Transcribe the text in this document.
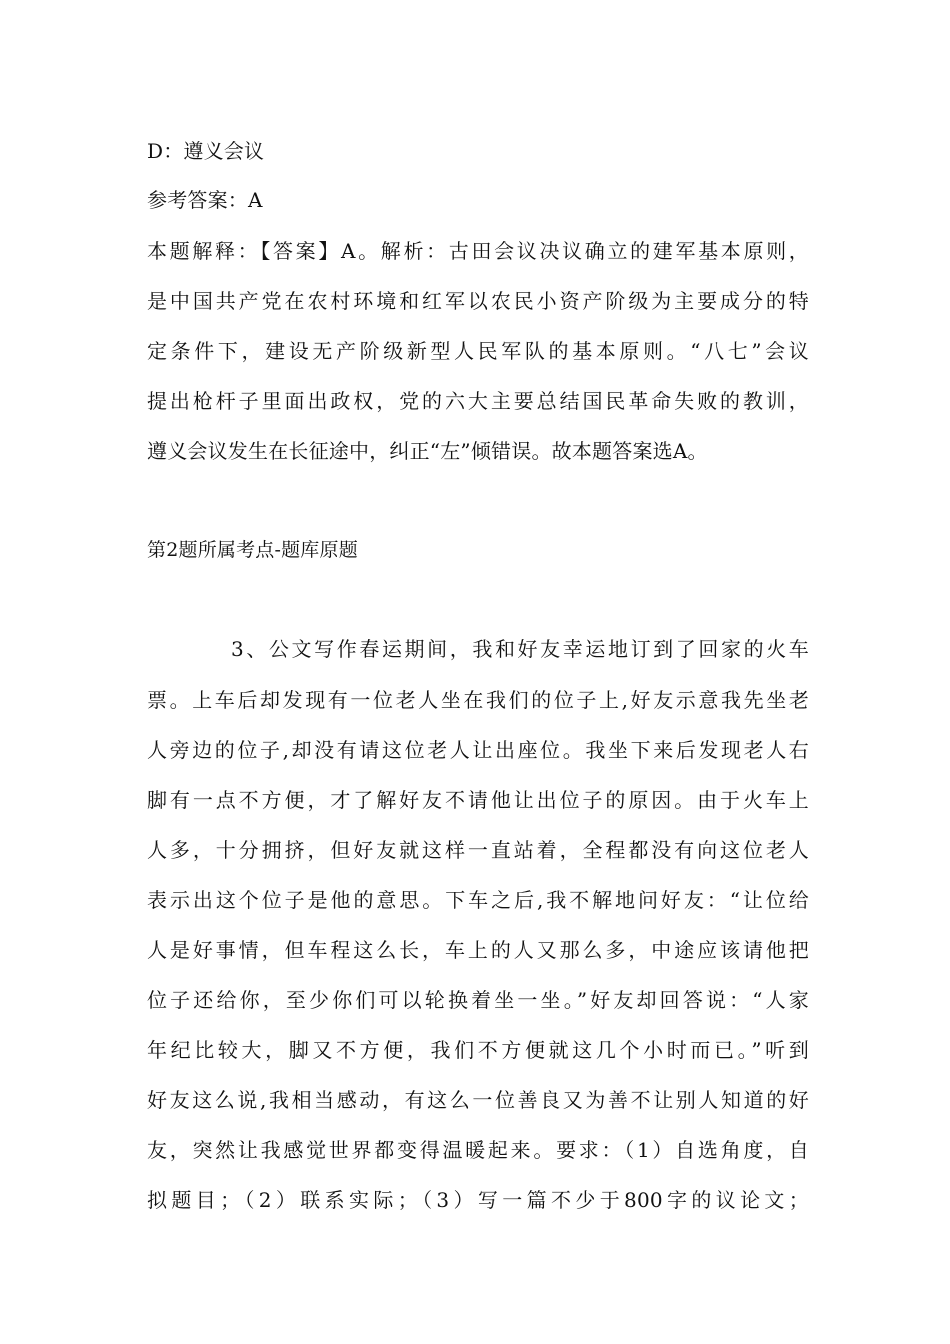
D：遵义会议
参考答案：A
本题解释：【答案】A。解析：古田会议决议确立的建军基本原则，
是中国共产党在农村环境和红军以农民小资产阶级为主要成分的特
定条件下，建设无产阶级新型人民军队的基本原则。“八七”会议
提出枪杆子里面出政权，党的六大主要总结国民革命失败的教训，
遵义会议发生在长征途中，纠正“左”倾错误。故本题答案选A。
第2题所属考点-题库原题
3、公文写作春运期间，我和好友幸运地订到了回家的火车
票。上车后却发现有一位老人坐在我们的位子上,好友示意我先坐老
人旁边的位子,却没有请这位老人让出座位。我坐下来后发现老人右
脚有一点不方便，才了解好友不请他让出位子的原因。由于火车上
人多，十分拥挤，但好友就这样一直站着，全程都没有向这位老人
表示出这个位子是他的意思。下车之后,我不解地问好友：“让位给
人是好事情，但车程这么长，车上的人又那么多，中途应该请他把
位子还给你，至少你们可以轮换着坐一坐。”好友却回答说：“人家
年纪比较大，脚又不方便，我们不方便就这几个小时而已。”听到
好友这么说,我相当感动，有这么一位善良又为善不让别人知道的好
友，突然让我感觉世界都变得温暖起来。要求：（1）自选角度，自
拟题目；（2）联系实际；（3）写一篇不少于800字的议论文；
